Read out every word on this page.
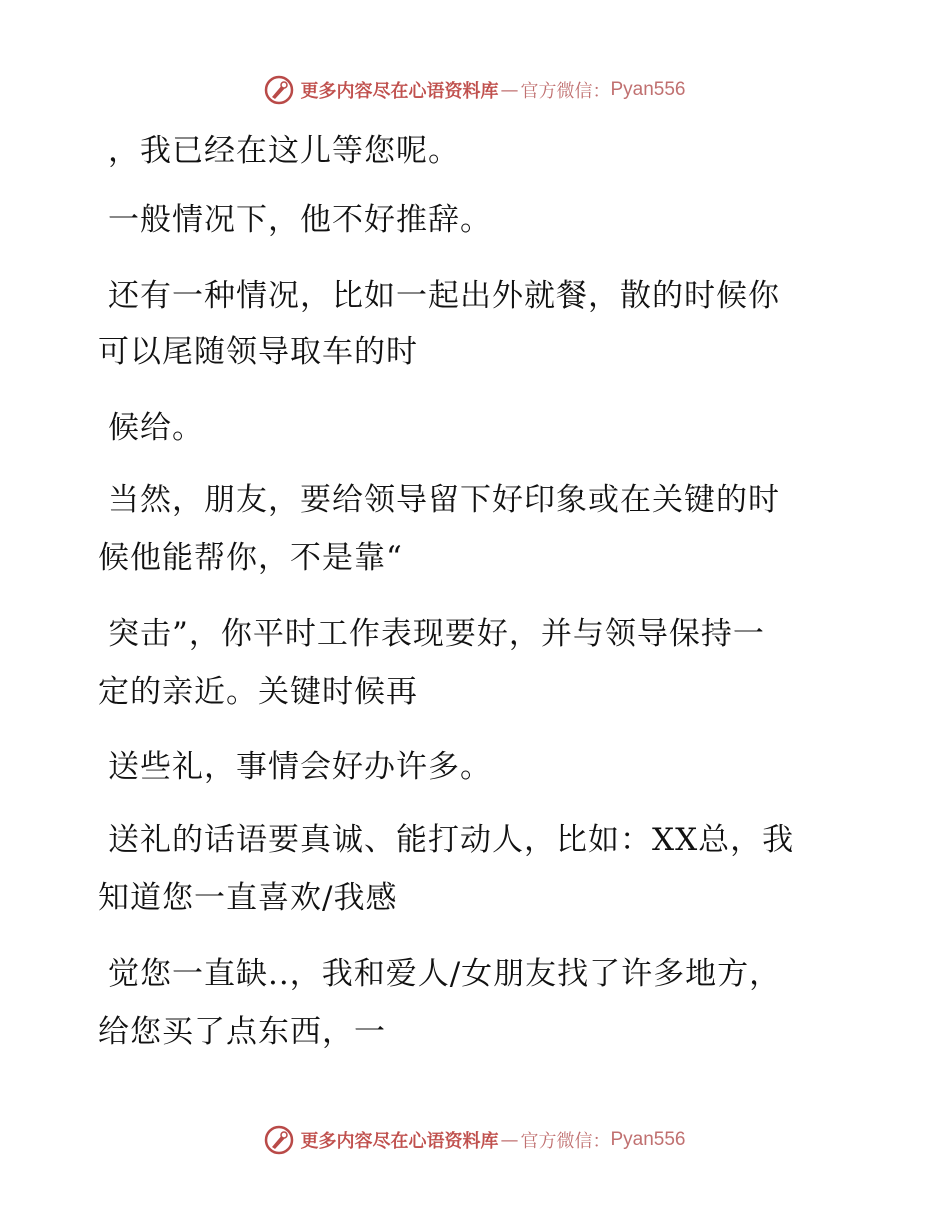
更多内容尽在心语资料库 — 官方微信： Pyan556
，我已经在这儿等您呢。
一般情况下，他不好推辞。
还有一种情况，比如一起出外就餐，散的时候你
可以尾随领导取车的时
候给。
当然，朋友，要给领导留下好印象或在关键的时
候他能帮你，不是靠“
突击”，你平时工作表现要好，并与领导保持一
定的亲近。关键时候再
送些礼，事情会好办许多。
送礼的话语要真诚、能打动人，比如：XX总，我
知道您一直喜欢/我感
觉您一直缺..，我和爱人/女朋友找了许多地方，
给您买了点东西，一
更多内容尽在心语资料库 — 官方微信： Pyan556
